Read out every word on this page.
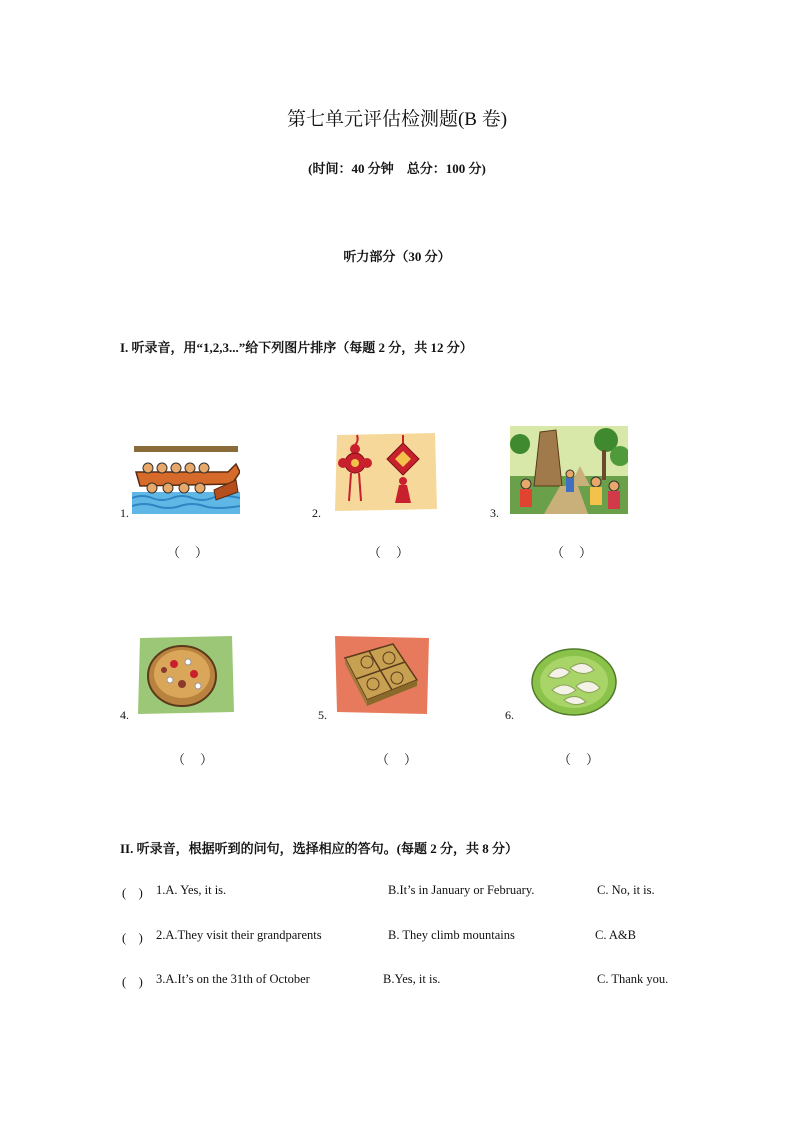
第七单元评估检测题(B 卷)
(时间：40 分钟　总分：100 分)
听力部分（30 分）
I. 听录音，用“1,2,3...”给下列图片排序（每题 2 分，共 12 分）
1.
（　）
2.
（　）
3.
（　）
4.
（　）
5.
（　）
6.
（　）
II. 听录音，根据听到的问句，选择相应的答句。(每题 2 分，共 8 分）
(　) 1.A. Yes, it is.	B.It’s in January or February.	C. No, it is.
(　) 2.A.They visit their grandparents	B. They climb mountains	C. A&B
(　) 3.A.It’s on the 31th of October	B.Yes, it is.	C. Thank you.
